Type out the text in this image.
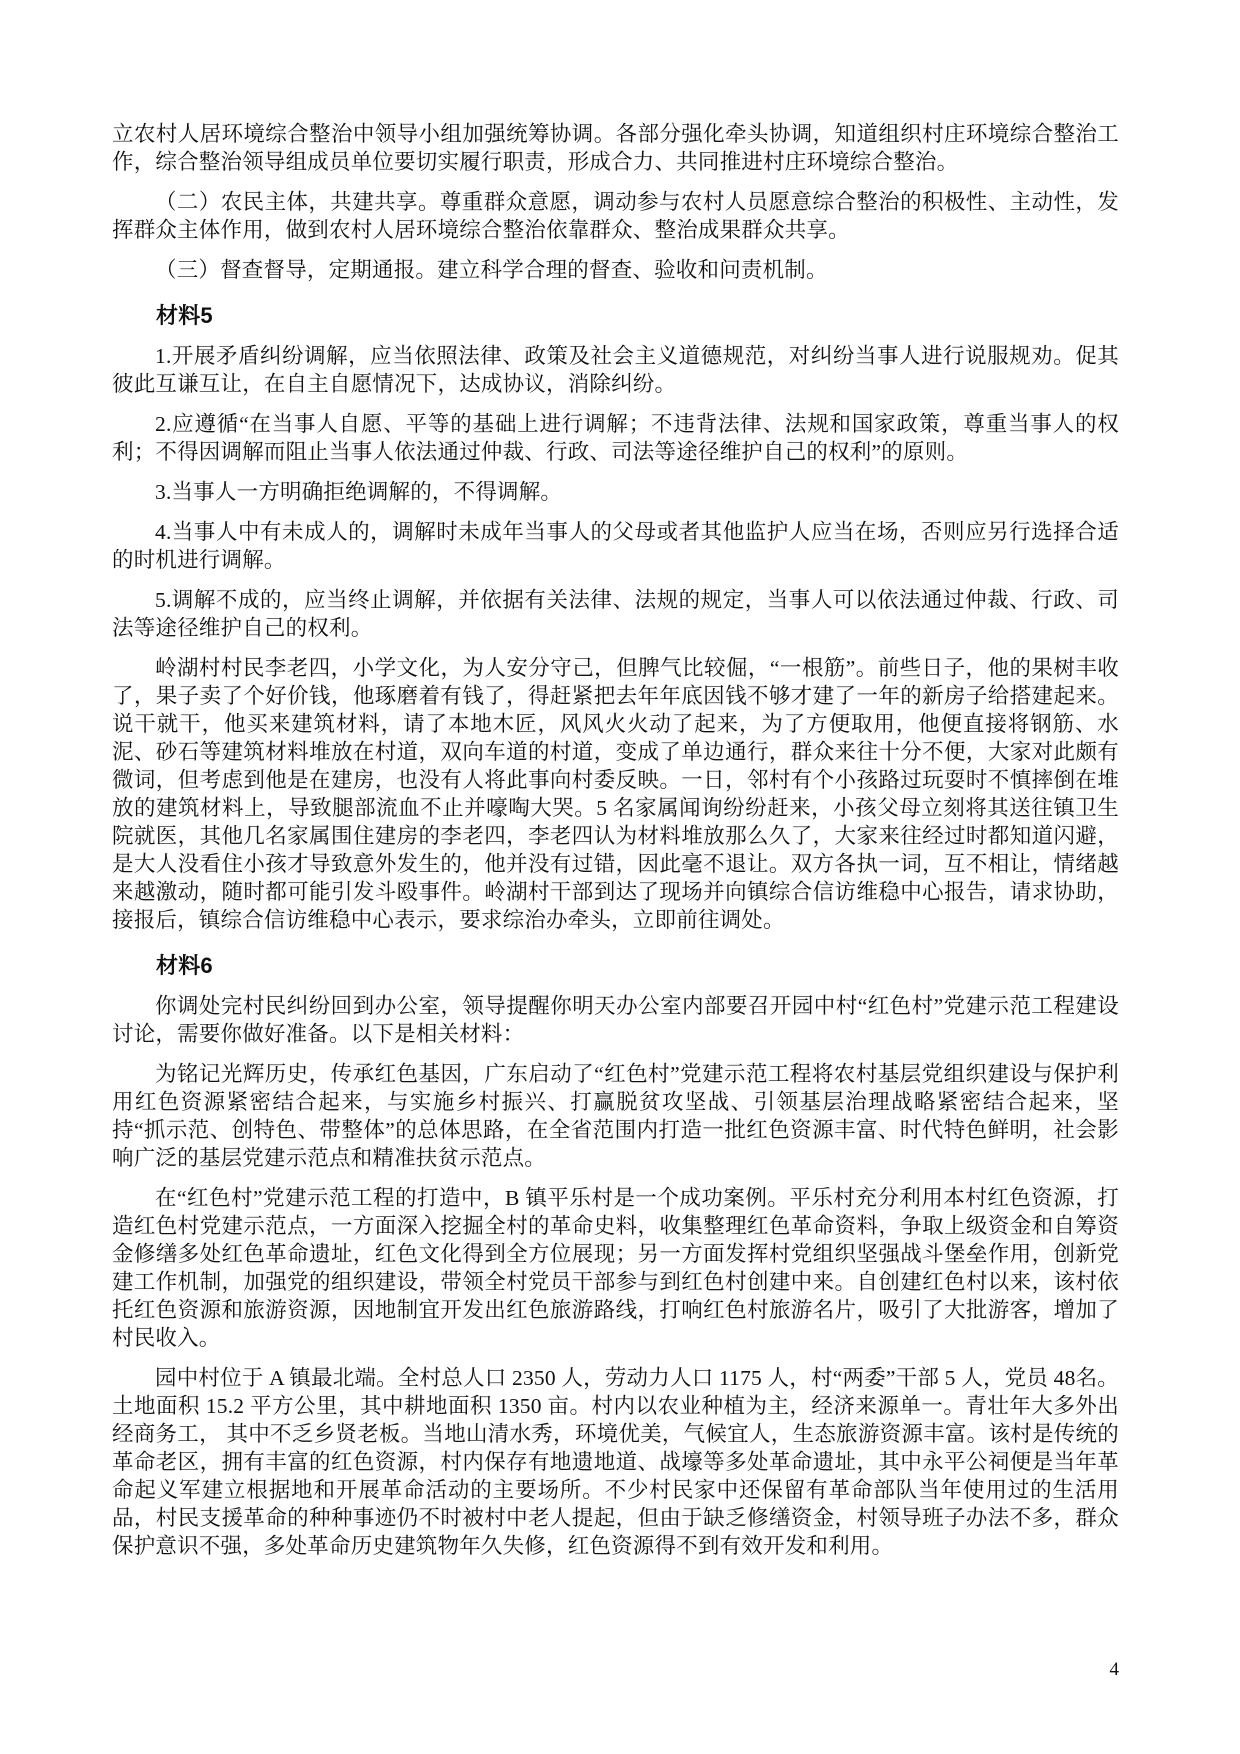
立农村人居环境综合整治中领导小组加强统筹协调。各部分强化牵头协调，知道组织村庄环境综合整治工作，综合整治领导组成员单位要切实履行职责，形成合力、共同推进村庄环境综合整治。

（二）农民主体，共建共享。尊重群众意愿，调动参与农村人员愿意综合整治的积极性、主动性，发挥群众主体作用，做到农村人居环境综合整治依靠群众、整治成果群众共享。

（三）督查督导，定期通报。建立科学合理的督查、验收和问责机制。

材料5

1.开展矛盾纠纷调解，应当依照法律、政策及社会主义道德规范，对纠纷当事人进行说服规劝。促其彼此互谦互让，在自主自愿情况下，达成协议，消除纠纷。

2.应遵循“在当事人自愿、平等的基础上进行调解；不违背法律、法规和国家政策，尊重当事人的权利；不得因调解而阻止当事人依法通过仲裁、行政、司法等途径维护自己的权利”的原则。

3.当事人一方明确拒绝调解的，不得调解。

4.当事人中有未成人的，调解时未成年当事人的父母或者其他监护人应当在场，否则应另行选择合适的时机进行调解。

5.调解不成的，应当终止调解，并依据有关法律、法规的规定，当事人可以依法通过仲裁、行政、司法等途径维护自己的权利。

岭湖村村民李老四，小学文化，为人安分守己，但脾气比较倔，“一根筋”。前些日子，他的果树丰收了，果子卖了个好价钱，他琢磨着有钱了，得赶紧把去年年底因钱不够才建了一年的新房子给搭建起来。说干就干，他买来建筑材料，请了本地木匠，风风火火动了起来，为了方便取用，他便直接将钢筋、水泥、砂石等建筑材料堆放在村道，双向车道的村道，变成了单边通行，群众来往十分不便，大家对此颇有微词，但考虑到他是在建房，也没有人将此事向村委反映。一日，邻村有个小孩路过玩耍时不慎摔倒在堆放的建筑材料上，导致腿部流血不止并嚎啕大哭。5 名家属闻询纷纷赶来，小孩父母立刻将其送往镇卫生院就医，其他几名家属围住建房的李老四，李老四认为材料堆放那么久了，大家来往经过时都知道闪避，是大人没看住小孩才导致意外发生的，他并没有过错，因此毫不退让。双方各执一词，互不相让，情绪越来越激动，随时都可能引发斗殴事件。岭湖村干部到达了现场并向镇综合信访维稳中心报告，请求协助，接报后，镇综合信访维稳中心表示，要求综治办牵头，立即前往调处。

材料6

你调处完村民纠纷回到办公室，领导提醒你明天办公室内部要召开园中村“红色村”党建示范工程建设讨论，需要你做好准备。以下是相关材料：

为铭记光辉历史，传承红色基因，广东启动了“红色村”党建示范工程将农村基层党组织建设与保护利用红色资源紧密结合起来，与实施乡村振兴、打赢脱贫攻坚战、引领基层治理战略紧密结合起来，坚持“抓示范、创特色、带整体”的总体思路，在全省范围内打造一批红色资源丰富、时代特色鲜明，社会影响广泛的基层党建示范点和精准扶贫示范点。

在“红色村”党建示范工程的打造中，B 镇平乐村是一个成功案例。平乐村充分利用本村红色资源，打造红色村党建示范点，一方面深入挖掘全村的革命史料，收集整理红色革命资料，争取上级资金和自筹资金修缮多处红色革命遗址，红色文化得到全方位展现；另一方面发挥村党组织坚强战斗堡垒作用，创新党建工作机制，加强党的组织建设，带领全村党员干部参与到红色村创建中来。自创建红色村以来，该村依托红色资源和旅游资源，因地制宜开发出红色旅游路线，打响红色村旅游名片，吸引了大批游客，增加了村民收入。

园中村位于 A 镇最北端。全村总人口 2350 人，劳动力人口 1175 人，村“两委”干部 5 人，党员 48名。土地面积 15.2 平方公里，其中耕地面积 1350 亩。村内以农业种植为主，经济来源单一。青壮年大多外出经商务工， 其中不乏乡贤老板。当地山清水秀，环境优美，气候宜人，生态旅游资源丰富。该村是传统的革命老区，拥有丰富的红色资源，村内保存有地遗地道、战壕等多处革命遗址，其中永平公祠便是当年革命起义军建立根据地和开展革命活动的主要场所。不少村民家中还保留有革命部队当年使用过的生活用品，村民支援革命的种种事迹仍不时被村中老人提起，但由于缺乏修缮资金，村领导班子办法不多，群众保护意识不强，多处革命历史建筑物年久失修，红色资源得不到有效开发和利用。

4
